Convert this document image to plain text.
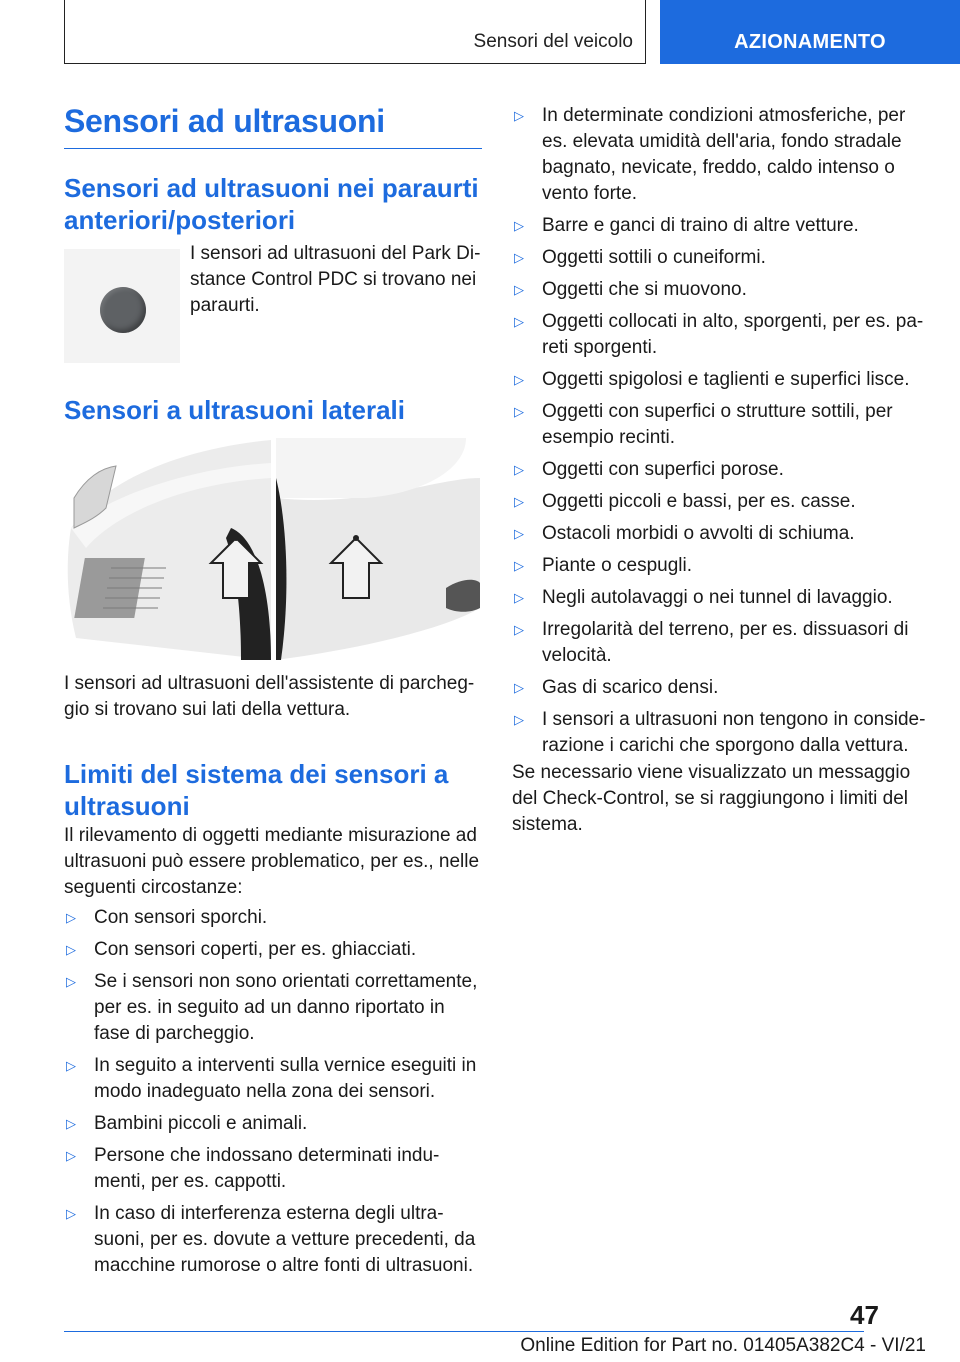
Sensori del veicolo	AZIONAMENTO
Sensori ad ultrasuoni
Sensori ad ultrasuoni nei paraurti anteriori/posteriori
I sensori ad ultrasuoni del Park Di-
stance Control PDC si trovano nei
paraurti.
Sensori a ultrasuoni laterali
I sensori ad ultrasuoni dell'assistente di parcheg-
gio si trovano sui lati della vettura.
Limiti del sistema dei sensori a
ultrasuoni
Il rilevamento di oggetti mediante misurazione ad
ultrasuoni può essere problematico, per es., nelle
seguenti circostanze:
▷ Con sensori sporchi.
▷ Con sensori coperti, per es. ghiacciati.
▷ Se i sensori non sono orientati correttamente,
per es. in seguito ad un danno riportato in
fase di parcheggio.
▷ In seguito a interventi sulla vernice eseguiti in
modo inadeguato nella zona dei sensori.
▷ Bambini piccoli e animali.
▷ Persone che indossano determinati indu-
menti, per es. cappotti.
▷ In caso di interferenza esterna degli ultra-
suoni, per es. dovute a vetture precedenti, da
macchine rumorose o altre fonti di ultrasuoni.
▷ In determinate condizioni atmosferiche, per
es. elevata umidità dell'aria, fondo stradale
bagnato, nevicate, freddo, caldo intenso o
vento forte.
▷ Barre e ganci di traino di altre vetture.
▷ Oggetti sottili o cuneiformi.
▷ Oggetti che si muovono.
▷ Oggetti collocati in alto, sporgenti, per es. pa-
reti sporgenti.
▷ Oggetti spigolosi e taglienti e superfici lisce.
▷ Oggetti con superfici o strutture sottili, per
esempio recinti.
▷ Oggetti con superfici porose.
▷ Oggetti piccoli e bassi, per es. casse.
▷ Ostacoli morbidi o avvolti di schiuma.
▷ Piante o cespugli.
▷ Negli autolavaggi o nei tunnel di lavaggio.
▷ Irregolarità del terreno, per es. dissuasori di
velocità.
▷ Gas di scarico densi.
▷ I sensori a ultrasuoni non tengono in conside-
razione i carichi che sporgono dalla vettura.
Se necessario viene visualizzato un messaggio
del Check-Control, se si raggiungono i limiti del
sistema.
47
Online Edition for Part no. 01405A382C4 - VI/21
